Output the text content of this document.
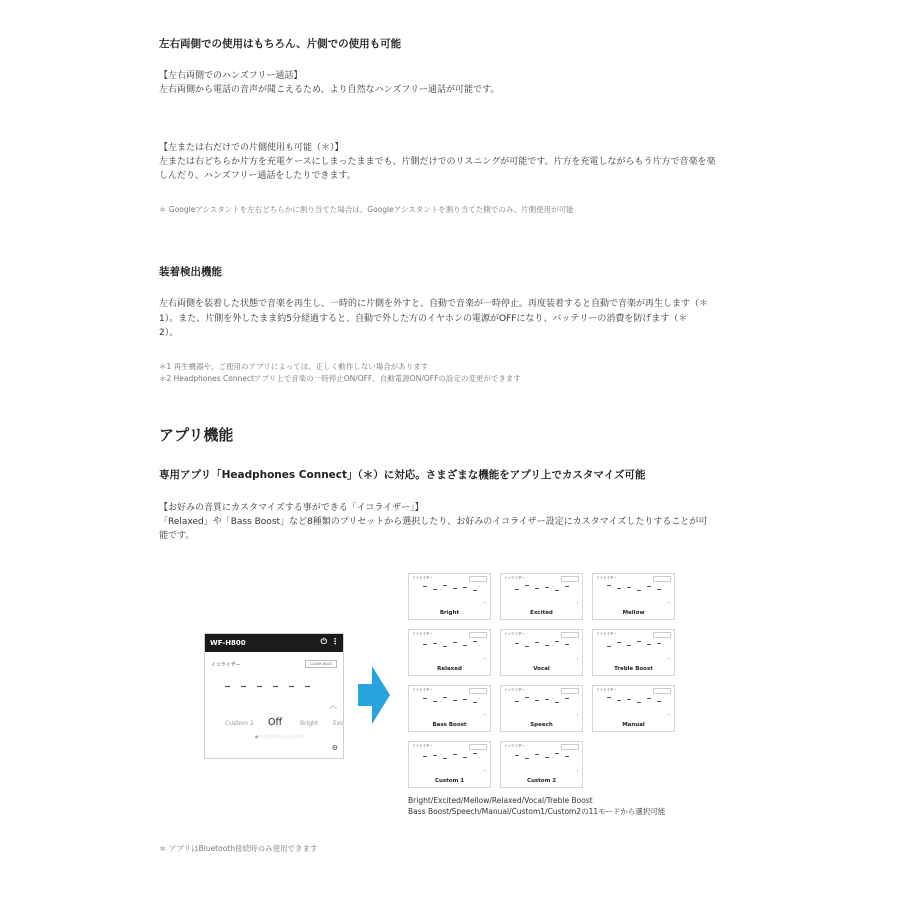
左右両側での使用はもちろん、片側での使用も可能
【左右両側でのハンズフリー通話】
左右両側から電話の音声が聞こえるため、より自然なハンズフリー通話が可能です。
【左または右だけでの片側使用も可能（＊）】
左または右どちらか片方を充電ケースにしまったままでも、片側だけでのリスニングが可能です。片方を充電しながらもう片方で音楽を楽
しんだり、ハンズフリー通話をしたりできます。
＊ Googleアシスタントを左右どちらかに割り当てた場合は、Googleアシスタントを割り当てた側でのみ、片側使用が可能
装着検出機能
左右両側を装着した状態で音楽を再生し、一時的に片側を外すと、自動で音楽が一時停止。再度装着すると自動で音楽が再生します（＊
1）。また、片側を外したまま約5分経過すると、自動で外した方のイヤホンの電源がOFFになり、バッテリーの消費を防げます（＊
2）。
＊1 再生機器や、ご使用のアプリによっては、正しく動作しない場合があります
＊2 Headphones Connectアプリ上で音楽の一時停止ON/OFF、自動電源ON/OFFの設定の変更ができます
アプリ機能
専用アプリ「Headphones Connect」（＊）に対応。さまざまな機能をアプリ上でカスタマイズ可能
【お好みの音質にカスタマイズする事ができる「イコライザー」】
「Relaxed」や「Bass Boost」など8種類のプリセットから選択したり、お好みのイコライザー設定にカスタマイズしたりすることが可
能です。
WF-H800	⏻ ⋮
イコライザー	CLEAR BASS
︿
Custom 2 Off	Bright Exc
●○○○○○○○○○○
⚙
イコライザー
︿
Bright
イコライザー
︿
Excited
イコライザー
︿
Mellow
イコライザー
︿
Relaxed
イコライザー
︿
Vocal
イコライザー
︿
Treble Boost
イコライザー
︿
Bass Boost
イコライザー
︿
Speech
イコライザー
︿
Manual
イコライザー
︿
Custom 1
イコライザー
︿
Custom 2
Bright/Excited/Mellow/Relaxed/Vocal/Treble Boost
Bass Boost/Speech/Manual/Custom1/Custom2の11モードから選択可能
＊ アプリはBluetooth接続時のみ使用できます
